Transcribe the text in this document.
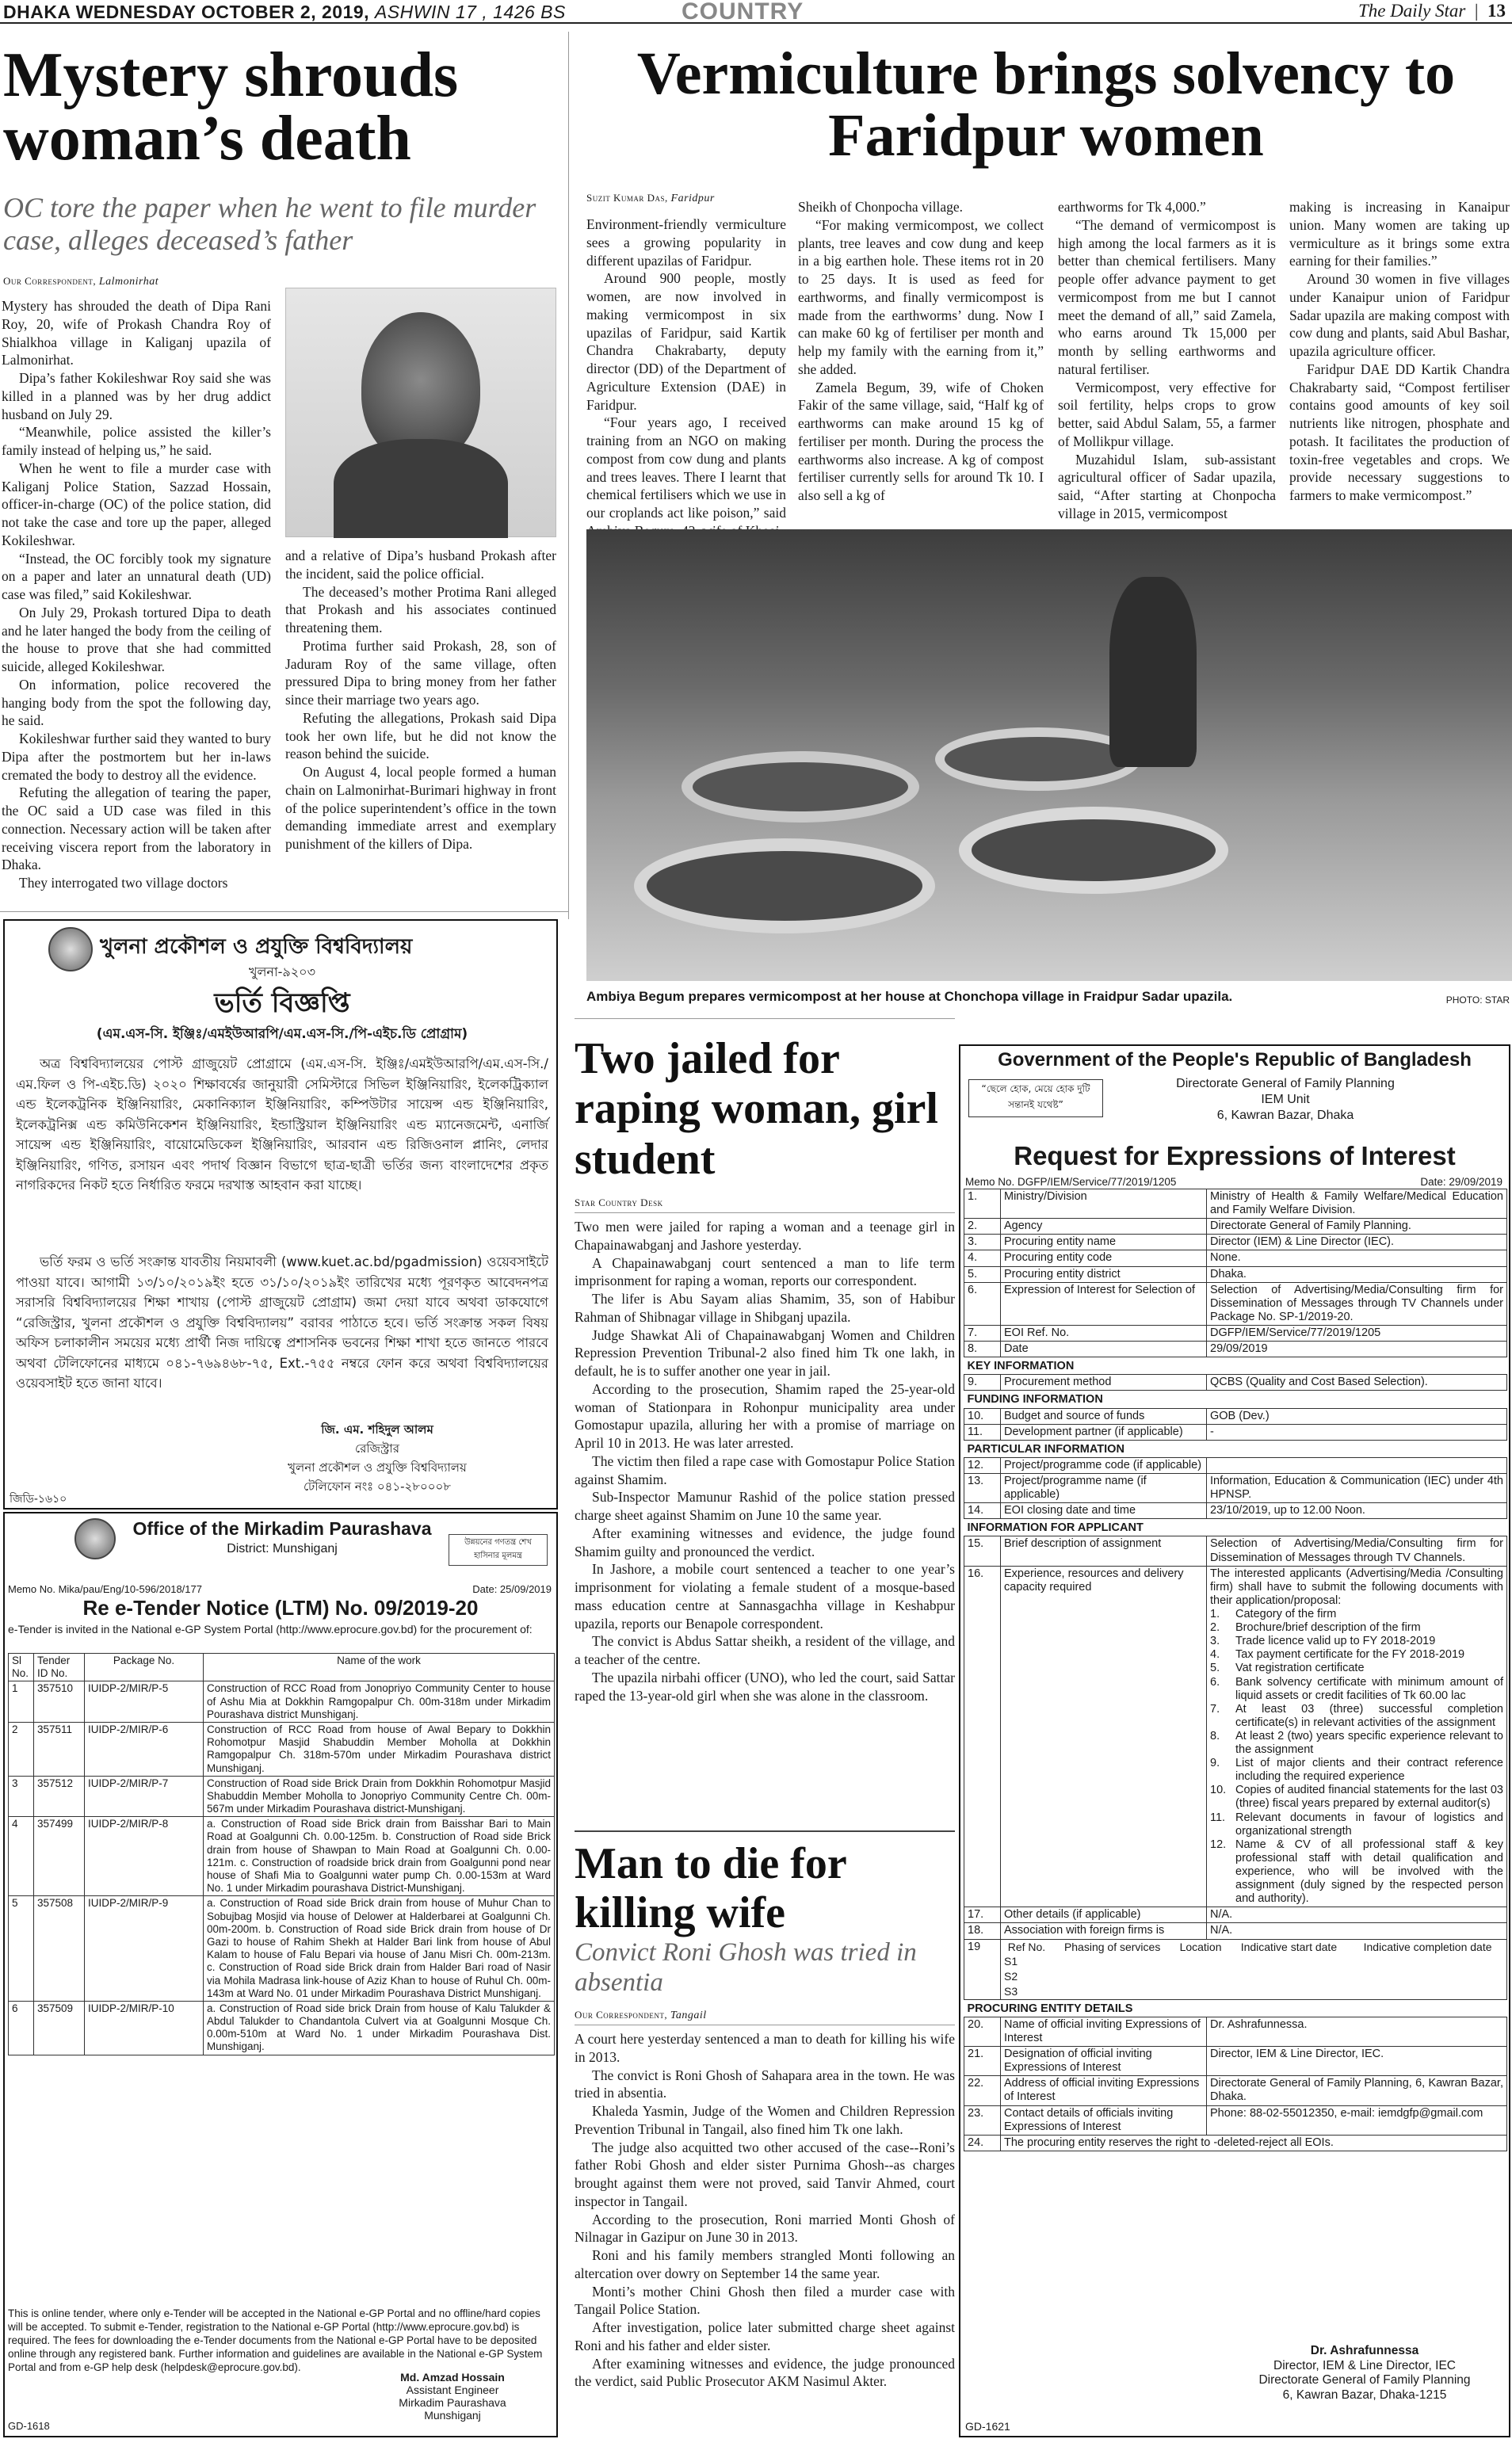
DHAKA WEDNESDAY OCTOBER 2, 2019, ASHWIN 17 , 1426 BS	COUNTRY	The Daily Star  |  13
Mystery shrouds woman’s death
OC tore the paper when he went to file murder case, alleges deceased’s father
Our Correspondent, Lalmonirhat

Mystery has shrouded the death of Dipa Rani Roy, 20, wife of Prokash Chandra Roy of Shialkhoa village in Kaliganj upazila of Lalmonirhat.

Dipa’s father Kokileshwar Roy said she was killed in a planned was by her drug addict husband on July 29.

“Meanwhile, police assisted the killer’s family instead of helping us,” he said.

When he went to file a murder case with Kaliganj Police Station, Sazzad Hossain, officer-in-charge (OC) of the police station, did not take the case and tore up the paper, alleged Kokileshwar.

“Instead, the OC forcibly took my signature on a paper and later an unnatural death (UD) case was filed,” said Kokileshwar.

On July 29, Prokash tortured Dipa to death and he later hanged the body from the ceiling of the house to prove that she had committed suicide, alleged Kokileshwar.

On information, police recovered the hanging body from the spot the following day, he said.

Kokileshwar further said they wanted to bury Dipa after the postmortem but her in-laws cremated the body to destroy all the evidence.

Refuting the allegation of tearing the paper, the OC said a UD case was filed in this connection. Necessary action will be taken after receiving viscera report from the laboratory in Dhaka.

They interrogated two village doctors

and a relative of Dipa’s husband Prokash after the incident, said the police official.

The deceased’s mother Protima Rani alleged that Prokash and his associates continued threatening them.

Protima further said Prokash, 28, son of Jaduram Roy of the same village, often pressured Dipa to bring money from her father since their marriage two years ago.

Refuting the allegations, Prokash said Dipa took her own life, but he did not know the reason behind the suicide.

On August 4, local people formed a human chain on Lalmonirhat-Burimari highway in front of the police superintendent’s office in the town demanding immediate arrest and exemplary punishment of the killers of Dipa.

Vermiculture brings solvency to Faridpur women
Suzit Kumar Das, Faridpur

Environment-friendly vermiculture sees a growing popularity in different upazilas of Faridpur.

Around 900 people, mostly women, are now involved in making vermicompost in six upazilas of Faridpur, said Kartik Chandra Chakrabarty, deputy director (DD) of the Department of Agriculture Extension (DAE) in Faridpur.

“Four years ago, I received training from an NGO on making compost from cow dung and plants and trees leaves. There I learnt that chemical fertilisers which we use in our croplands act like poison,” said

Sheikh of Chonpocha village.

“For making vermicompost, we collect plants, tree leaves and cow dung and keep in a big earthen hole. These items rot in 20 to 25 days. It is used as feed for earthworms, and finally vermicompost is made from the earthworms’ dung. Now I can make 60 kg of fertiliser per month and help my family with the earning from it,” she added.

Zamela Begum, 39, wife of Choken Fakir of the same village, said, “Half kg of earthworms can make around 15 kg of fertiliser per month. During the process the earthworms also increase. A kg of compost fertiliser currently sells for around Tk 10. I also sell a kg of

earthworms for Tk 4,000.”

“The demand of vermicompost is high among the local farmers as it is better than chemical fertilisers. Many people offer advance payment to get vermicompost from me but I cannot meet the demand of all,” said Zamela, who earns around Tk 15,000 per month by selling earthworms and natural fertiliser.

Vermicompost, very effective for soil fertility, helps crops to grow better, said Abdul Salam, 55, a farmer of Mollikpur village.

Muzahidul Islam, sub-assistant agricultural officer of Sadar upazila, said, “After starting at Chonpocha village in 2015, vermicompost

making is increasing in Kanaipur union. Many women are taking up vermiculture as it brings some extra earning for their families.”

Around 30 women in five villages under Kanaipur union of Faridpur Sadar upazila are making compost with cow dung and plants, said Abul Bashar, upazila agriculture officer.

Faridpur DAE DD Kartik Chandra Chakrabarty said, “Compost fertiliser contains good amounts of key soil nutrients like nitrogen, phosphate and potash. It facilitates the production of toxin-free vegetables and crops. We provide necessary suggestions to farmers to make vermicompost.”

Ambiya Begum prepares vermicompost at her house at Chonchopa village in Fraidpur Sadar upazila.	PHOTO: STAR
খুলনা প্রকৌশল ও প্রযুক্তি বিশ্ববিদ্যালয়
খুলনা-৯২০৩
ভর্তি বিজ্ঞপ্তি
(এম.এস-সি. ইঞ্জিঃ/এমইউআরপি/এম.এস-সি./পি-এইচ.ডি প্রোগ্রাম)
অত্র বিশ্ববিদ্যালয়ের পোস্ট গ্রাজুয়েট প্রোগ্রামে (এম.এস-সি. ইঞ্জিঃ/এমইউআরপি/এম.এস-সি./এম.ফিল ও পি-এইচ.ডি) ২০২০ শিক্ষাবর্ষের জানুয়ারী সেমিস্টারে সিভিল ইঞ্জিনিয়ারিং, ইলেকট্রিক্যাল এন্ড ইলেকট্রনিক ইঞ্জিনিয়ারিং, মেকানিক্যাল ইঞ্জিনিয়ারিং, কম্পিউটার সায়েন্স এন্ড ইঞ্জিনিয়ারিং, ইলেকট্রনিক্স এন্ড কমিউনিকেশন ইঞ্জিনিয়ারিং, ইন্ডাস্ট্রিয়াল ইঞ্জিনিয়ারিং এন্ড ম্যানেজমেন্ট, এনার্জি সায়েন্স এন্ড ইঞ্জিনিয়ারিং, বায়োমেডিকেল ইঞ্জিনিয়ারিং, আরবান এন্ড রিজিওনাল প্লানিং, লেদার ইঞ্জিনিয়ারিং, গণিত, রসায়ন এবং পদার্থ বিজ্ঞান বিভাগে ছাত্র-ছাত্রী ভর্তির জন্য বাংলাদেশের প্রকৃত নাগরিকদের নিকট হতে নির্ধারিত ফরমে দরখাস্ত আহবান করা যাচ্ছে।
ভর্তি ফরম ও ভর্তি সংক্রান্ত যাবতীয় নিয়মাবলী (www.kuet.ac.bd/pgadmission) ওয়েবসাইটে পাওয়া যাবে। আগামী ১৩/১০/২০১৯ইং হতে ৩১/১০/২০১৯ইং তারিখের মধ্যে পূরণকৃত আবেদনপত্র সরাসরি বিশ্ববিদ্যালয়ের শিক্ষা শাখায় (পোস্ট গ্রাজুয়েট প্রোগ্রাম) জমা দেয়া যাবে অথবা ডাকযোগে “রেজিস্ট্রার, খুলনা প্রকৌশল ও প্রযুক্তি বিশ্ববিদ্যালয়” বরাবর পাঠাতে হবে। ভর্তি সংক্রান্ত সকল বিষয় অফিস চলাকালীন সময়ের মধ্যে প্রার্থী নিজ দায়িত্বে প্রশাসনিক ভবনের শিক্ষা শাখা হতে জানতে পারবে অথবা টেলিফোনের মাধ্যমে ০৪১-৭৬৯৪৬৮-৭৫, Ext.-৭৫৫ নম্বরে ফোন করে অথবা বিশ্ববিদ্যালয়ের ওয়েবসাইট হতে জানা যাবে।
জি. এম. শহিদুল আলম
রেজিস্ট্রার
খুলনা প্রকৌশল ও প্রযুক্তি বিশ্ববিদ্যালয়
টেলিফোন নংঃ ০৪১-২৮০০০৮
জিডি-১৬১০
Office of the Mirkadim Paurashava
District: Munshiganj	উন্নয়নের গণতন্ত্র শেখ হাসিনার মূলমন্ত্র
Memo No. Mika/pau/Eng/10-596/2018/177	Date: 25/09/2019
Re e-Tender Notice (LTM) No. 09/2019-20
e-Tender is invited in the National e-GP System Portal (http://www.eprocure.gov.bd) for the procurement of:
Sl No.	Tender ID No.	Package No.	Name of the work
1	357510	IUIDP-2/MIR/P-5	Construction of RCC Road from Jonopriyo Community Center to house of Ashu Mia at Dokkhin Ramgopalpur Ch. 00m-318m under Mirkadim Pourashava district Munshiganj.
2	357511	IUIDP-2/MIR/P-6	Construction of RCC Road from house of Awal Bepary to Dokkhin Rohomotpur Masjid Shabuddin Member Moholla at Dokkhin Ramgopalpur Ch. 318m-570m under Mirkadim Pourashava district Munshiganj.
3	357512	IUIDP-2/MIR/P-7	Construction of Road side Brick Drain from Dokkhin Rohomotpur Masjid Shabuddin Member Moholla to Jonopriyo Community Centre Ch. 00m-567m under Mirkadim Pourashava district-Munshiganj.
4	357499	IUIDP-2/MIR/P-8	a. Construction of Road side Brick drain from Baisshar Bari to Main Road at Goalgunni Ch. 0.00-125m. b. Construction of Road side Brick drain from house of Shawpan to Main Road at Goalgunni Ch. 0.00-121m. c. Construction of roadside brick drain from Goalgunni pond near house of Shafi Mia to Goalgunni water pump Ch. 0.00-153m at Ward No. 1 under Mirkadim pourashava District-Munshiganj.
5	357508	IUIDP-2/MIR/P-9	a. Construction of Road side Brick drain from house of Muhur Chan to Sobujbag Mosjid via house of Delower at Halderbarei at Goalgunni Ch. 00m-200m. b. Construction of Road side Brick drain from house of Dr Gazi to house of Rahim Shekh at Halder Bari link from house of Abul Kalam to house of Falu Bepari via house of Janu Misri Ch. 00m-213m. c. Construction of Road side Brick drain from Halder Bari road of Nasir via Mohila Madrasa link-house of Aziz Khan to house of Ruhul Ch. 00m-143m at Ward No. 01 under Mirkadim Pourashava District Munshiganj.
6	357509	IUIDP-2/MIR/P-10	a. Construction of Road side brick Drain from house of Kalu Talukder & Abdul Talukder to Chandantola Culvert via at Goalgunni Mosque Ch. 0.00m-510m at Ward No. 1 under Mirkadim Pourashava Dist. Munshiganj.
This is online tender, where only e-Tender will be accepted in the National e-GP Portal and no offline/hard copies will be accepted. To submit e-Tender, registration to the National e-GP Portal (http://www.eprocure.gov.bd) is required. The fees for downloading the e-Tender documents from the National e-GP Portal have to be deposited online through any registered bank. Further information and guidelines are available in the National e-GP System Portal and from e-GP help desk (helpdesk@eprocure.gov.bd).
Md. Amzad Hossain
Assistant Engineer
Mirkadim Paurashava
Munshiganj
GD-1618
Two jailed for raping woman, girl student
Star Country Desk

Two men were jailed for raping a woman and a teenage girl in Chapainawabganj and Jashore yesterday.

A Chapainawabganj court sentenced a man to life term imprisonment for raping a woman, reports our correspondent.

The lifer is Abu Sayam alias Shamim, 35, son of Habibur Rahman of Shibnagar village in Shibganj upazila.

Judge Shawkat Ali of Chapainawabganj Women and Children Repression Prevention Tribunal-2 also fined him Tk one lakh, in default, he is to suffer another one year in jail.

According to the prosecution, Shamim raped the 25-year-old woman of Stationpara in Rohonpur municipality area under Gomostapur upazila, alluring her with a promise of marriage on April 10 in 2013. He was later arrested.

The victim then filed a rape case with Gomostapur Police Station against Shamim.

Sub-Inspector Mamunur Rashid of the police station pressed charge sheet against Shamim on June 10 the same year.

After examining witnesses and evidence, the judge found Shamim guilty and pronounced the verdict.

In Jashore, a mobile court sentenced a teacher to one year’s imprisonment for violating a female student of a mosque-based mass education centre at Sannasgachha village in Keshabpur upazila, reports our Benapole correspondent.

The convict is Abdus Sattar sheikh, a resident of the village, and a teacher of the centre.

The upazila nirbahi officer (UNO), who led the court, said Sattar raped the 13-year-old girl when she was alone in the classroom.

Man to die for killing wife
Convict Roni Ghosh was tried in absentia
Our Correspondent, Tangail

A court here yesterday sentenced a man to death for killing his wife in 2013.

The convict is Roni Ghosh of Sahapara area in the town. He was tried in absentia.

Khaleda Yasmin, Judge of the Women and Children Repression Prevention Tribunal in Tangail, also fined him Tk one lakh.

The judge also acquitted two other accused of the case--Roni’s father Robi Ghosh and elder sister Purnima Ghosh--as charges brought against them were not proved, said Tanvir Ahmed, court inspector in Tangail.

According to the prosecution, Roni married Monti Ghosh of Nilnagar in Gazipur on June 30 in 2013.

Roni and his family members strangled Monti following an altercation over dowry on September 14 the same year.

Monti’s mother Chini Ghosh then filed a murder case with Tangail Police Station.

After investigation, police later submitted charge sheet against Roni and his father and elder sister.

After examining witnesses and evidence, the judge pronounced the verdict, said Public Prosecutor AKM Nasimul Akter.

Government of the People's Republic of Bangladesh
“ছেলে হোক, মেয়ে হোক দুটি সন্তানই যথেষ্ট”
Directorate General of Family Planning
IEM Unit
6, Kawran Bazar, Dhaka
Request for Expressions of Interest
Memo No. DGFP/IEM/Service/77/2019/1205	Date: 29/09/2019
1.	Ministry/Division	Ministry of Health & Family Welfare/Medical Education and Family Welfare Division.
2.	Agency	Directorate General of Family Planning.
3.	Procuring entity name	Director (IEM) & Line Director (IEC).
4.	Procuring entity code	None.
5.	Procuring entity district	Dhaka.
6.	Expression of Interest for Selection of	Selection of Advertising/Media/Consulting firm for Dissemination of Messages through TV Channels under Package No. SP-1/2019-20.
7.	EOI Ref. No.	DGFP/IEM/Service/77/2019/1205
8.	Date	29/09/2019
KEY INFORMATION
9.	Procurement method	QCBS (Quality and Cost Based Selection).
FUNDING INFORMATION
10.	Budget and source of funds	GOB (Dev.)
11.	Development partner (if applicable)	-
PARTICULAR INFORMATION
12.	Project/programme code (if applicable)	
13.	Project/programme name (if applicable)	Information, Education & Communication (IEC) under 4th HPNSP.
14.	EOI closing date and time	23/10/2019, up to 12.00 Noon.
INFORMATION FOR APPLICANT
15.	Brief description of assignment	Selection of Advertising/Media/Consulting firm for Dissemination of Messages through TV Channels.
16.	Experience, resources and delivery capacity required	
The interested applicants (Advertising/Media /Consulting firm) shall have to submit the following documents with their application/proposal:
1.	Category of the firm
2.	Brochure/brief description of the firm
3.	Trade licence valid up to FY 2018-2019
4.	Tax payment certificate for the FY 2018-2019
5.	Vat registration certificate
6.	Bank solvency certificate with minimum amount of liquid assets or credit facilities of Tk 60.00 lac
7.	At least 03 (three) successful completion certificate(s) in relevant activities of the assignment
8.	At least 2 (two) years specific experience relevant to the assignment
9.	List of major clients and their contract reference including the required experience
10. Copies of audited financial statements for the last 03 (three) fiscal years prepared by external auditor(s)
11. Relevant documents in favour of logistics and organizational strength
12. Name & CV of all professional staff & key professional staff with detail qualification and experience, who will be involved with the assignment (duly signed by the respected person and authority).

17.	Other details (if applicable)	N/A.
18.	Association with foreign firms is	N/A.
19	Ref No.	Phasing of services	Location	Indicative start date	Indicative completion date
S1				
S2				
S3				

PROCURING ENTITY DETAILS
20.	Name of official inviting Expressions of Interest	Dr. Ashrafunnessa.
21.	Designation of official inviting Expressions of Interest	Director, IEM & Line Director, IEC.
22.	Address of official inviting Expressions of Interest	Directorate General of Family Planning, 6, Kawran Bazar, Dhaka.
23.	Contact details of officials inviting Expressions of Interest	Phone: 88-02-55012350, e-mail: iemdgfp@gmail.com
24.	The procuring entity reserves the right to -deleted-reject all EOIs.
Dr. Ashrafunnessa
Director, IEM & Line Director, IEC
Directorate General of Family Planning
6, Kawran Bazar, Dhaka-1215
GD-1621
